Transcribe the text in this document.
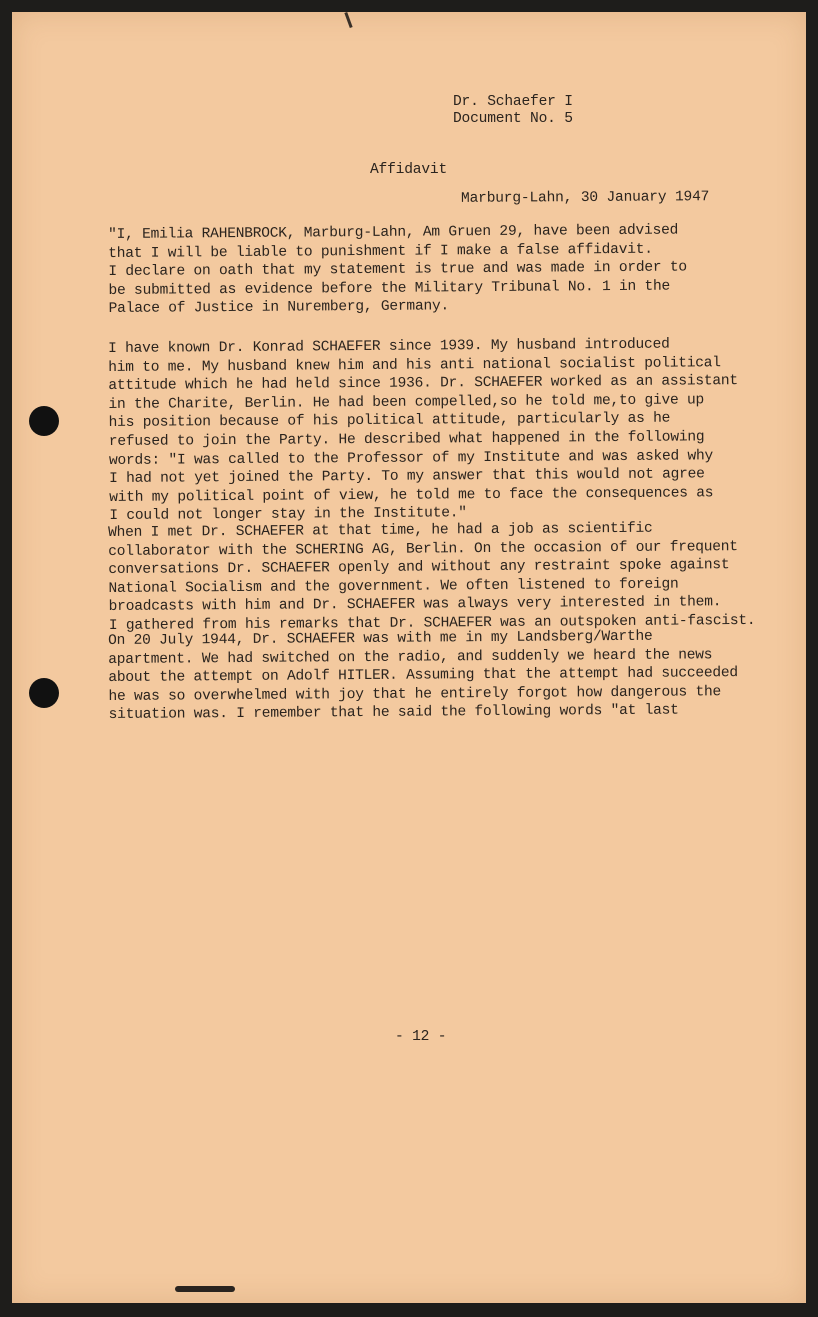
Dr. Schaefer I
Document No. 5
Affidavit
Marburg-Lahn, 30 January 1947
"I, Emilia RAHENBROCK, Marburg-Lahn, Am Gruen 29, have been advised
that I will be liable to punishment if I make a false affidavit.
I declare on oath that my statement is true and was made in order to
be submitted as evidence before the Military Tribunal No. 1 in the
Palace of Justice in Nuremberg, Germany.
I have known Dr. Konrad SCHAEFER since 1939. My husband introduced
him to me. My husband knew him and his anti national socialist political
attitude which he had held since 1936. Dr. SCHAEFER worked as an assistant
in the Charite, Berlin. He had been compelled,so he told me,to give up
his position because of his political attitude, particularly as he
refused to join the Party. He described what happened in the following
words: "I was called to the Professor of my Institute and was asked why
I had not yet joined the Party. To my answer that this would not agree
with my political point of view, he told me to face the consequences as
I could not longer stay in the Institute."
When I met Dr. SCHAEFER at that time, he had a job as scientific
collaborator with the SCHERING AG, Berlin. On the occasion of our frequent
conversations Dr. SCHAEFER openly and without any restraint spoke against
National Socialism and the government. We often listened to foreign
broadcasts with him and Dr. SCHAEFER was always very interested in them.
I gathered from his remarks that Dr. SCHAEFER was an outspoken anti-fascist.
On 20 July 1944, Dr. SCHAEFER was with me in my Landsberg/Warthe
apartment. We had switched on the radio, and suddenly we heard the news
about the attempt on Adolf HITLER. Assuming that the attempt had succeeded
he was so overwhelmed with joy that he entirely forgot how dangerous the
situation was. I remember that he said the following words "at last
- 12 -
